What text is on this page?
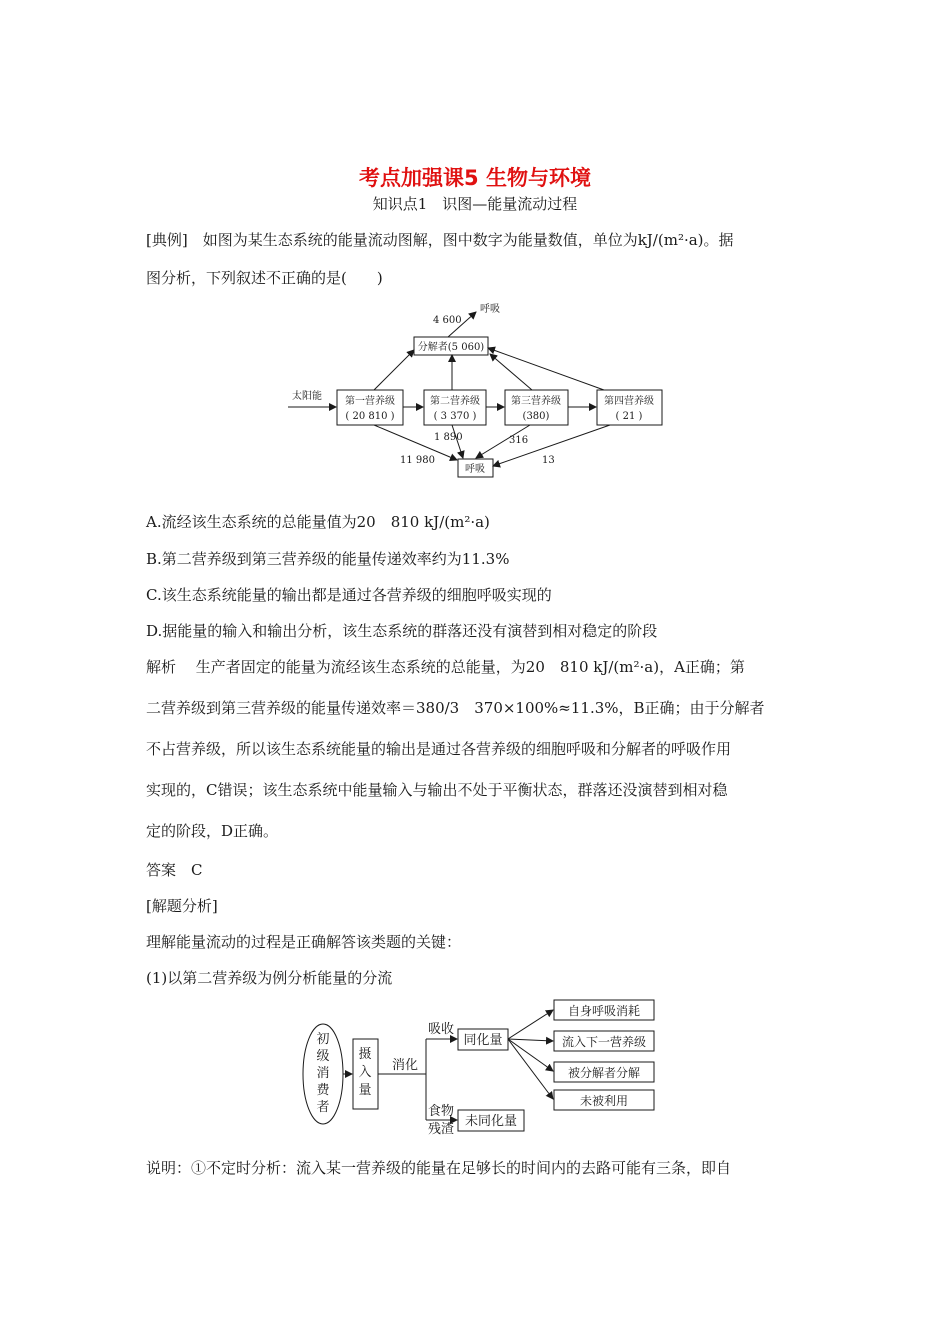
考点加强课5 生物与环境
知识点1　识图—能量流动过程
[典例]　如图为某生态系统的能量流动图解，图中数字为能量数值，单位为kJ/(m²·a)。据
图分析，下列叙述不正确的是(　　)
呼吸
4 600
分解者(5 060)
太阳能 第一营养级
( 20 810 )
第二营养级
( 3 370 )
第三营养级
(380)
第四营养级
( 21 )
11 980
1 890	316
13
呼吸
A.流经该生态系统的总能量值为20　810 kJ/(m²·a)
B.第二营养级到第三营养级的能量传递效率约为11.3%
C.该生态系统能量的输出都是通过各营养级的细胞呼吸实现的
D.据能量的输入和输出分析，该生态系统的群落还没有演替到相对稳定的阶段
解析　 生产者固定的能量为流经该生态系统的总能量，为20　810 kJ/(m²·a)，A正确；第
二营养级到第三营养级的能量传递效率＝380/3　370×100%≈11.3%，B正确；由于分解者
不占营养级，所以该生态系统能量的输出是通过各营养级的细胞呼吸和分解者的呼吸作用
实现的，C错误；该生态系统中能量输入与输出不处于平衡状态，群落还没演替到相对稳
定的阶段，D正确。
答案　C
[解题分析]
理解能量流动的过程是正确解答该类题的关键：
(1)以第二营养级为例分析能量的分流
初
级
消
费
者
摄
入
量
消化
吸收
同化量
食物
残渣
未同化量
自身呼吸消耗
流入下一营养级
被分解者分解
未被利用
说明：①不定时分析：流入某一营养级的能量在足够长的时间内的去路可能有三条，即自
